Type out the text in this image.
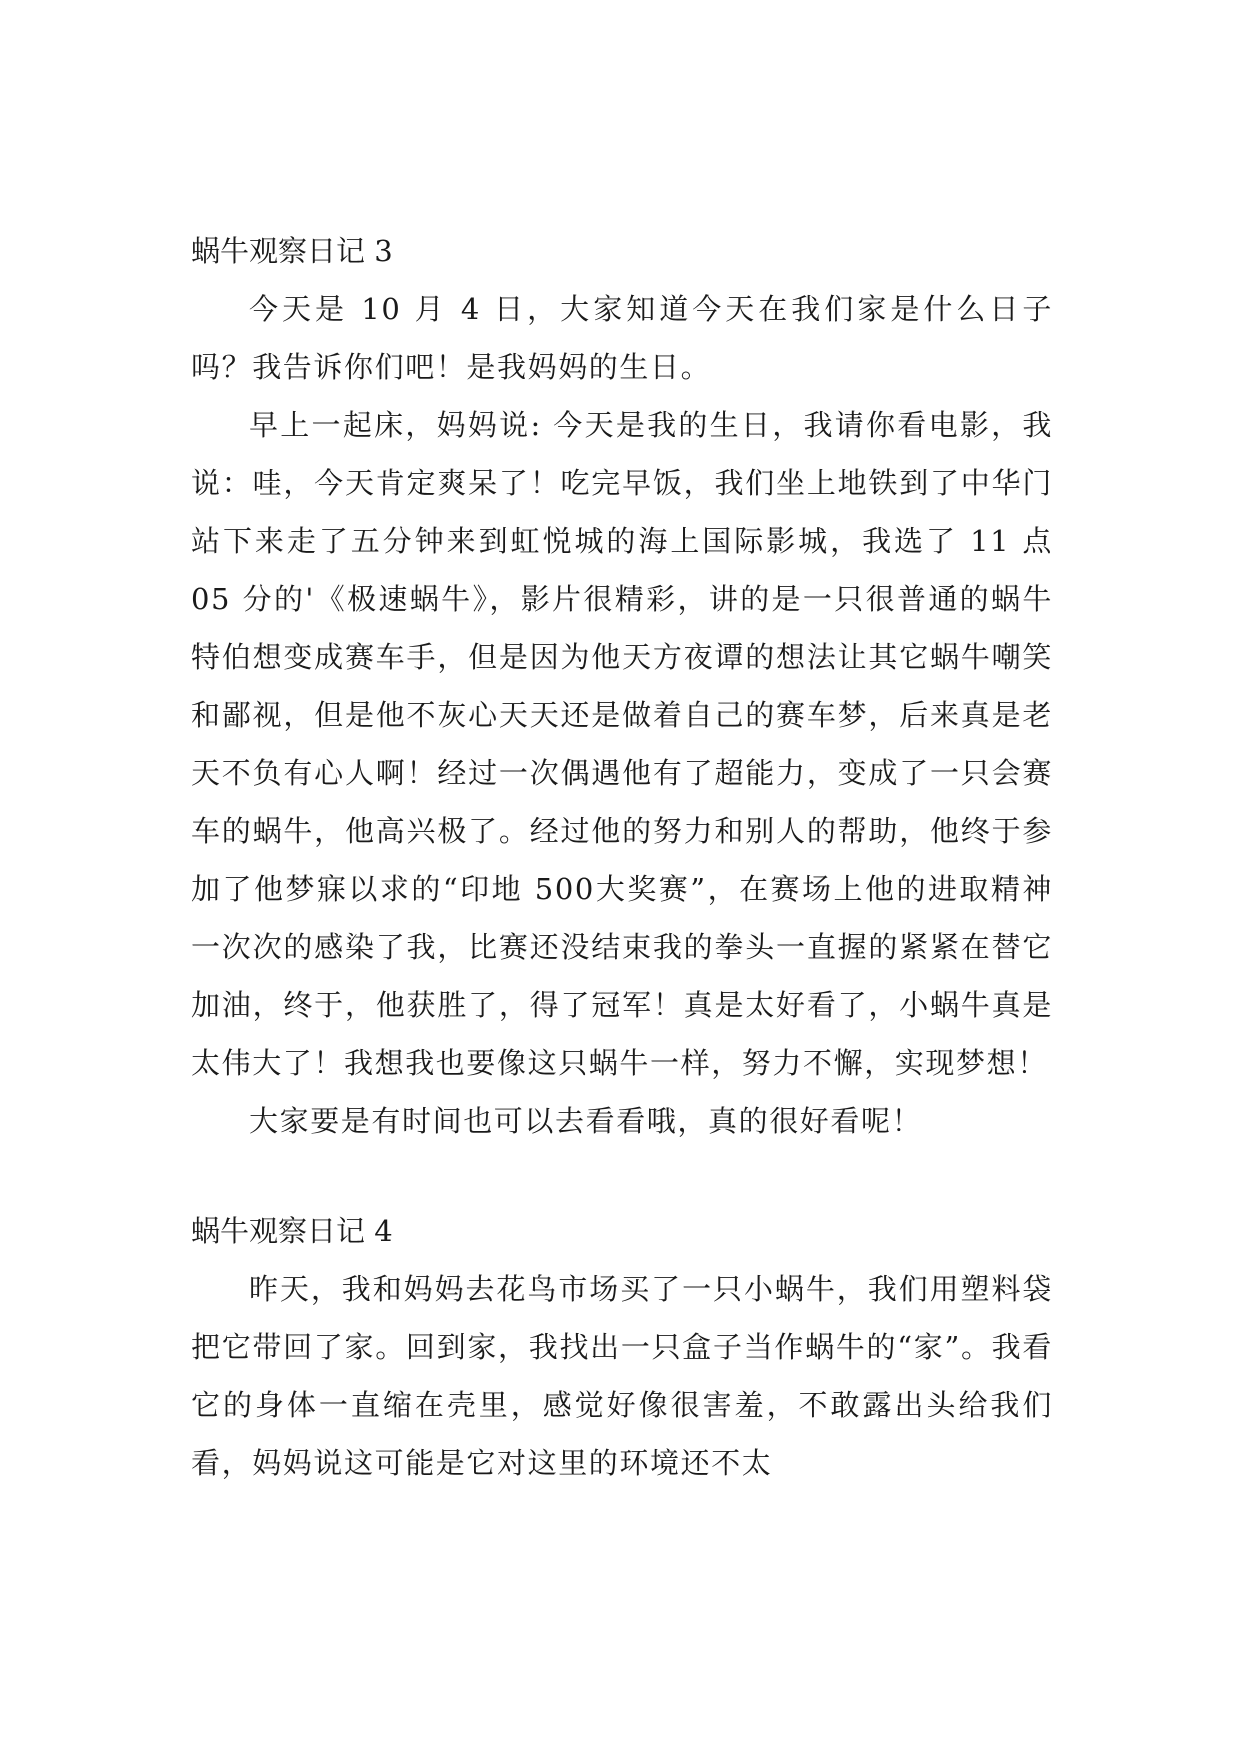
蜗牛观察日记 3

今天是 10 月 4 日，大家知道今天在我们家是什么日子吗？我告诉你们吧！是我妈妈的生日。

早上一起床，妈妈说: 今天是我的生日，我请你看电影，我说：哇，今天肯定爽呆了！吃完早饭，我们坐上地铁到了中华门站下来走了五分钟来到虹悦城的海上国际影城，我选了 11 点 05 分的'《极速蜗牛》，影片很精彩，讲的是一只很普通的蜗牛特伯想变成赛车手，但是因为他天方夜谭的想法让其它蜗牛嘲笑和鄙视，但是他不灰心天天还是做着自己的赛车梦，后来真是老天不负有心人啊！经过一次偶遇他有了超能力，变成了一只会赛车的蜗牛，他高兴极了。经过他的努力和别人的帮助，他终于参加了他梦寐以求的“印地 500大奖赛”，在赛场上他的进取精神一次次的感染了我，比赛还没结束我的拳头一直握的紧紧在替它加油，终于，他获胜了，得了冠军！真是太好看了，小蜗牛真是太伟大了！我想我也要像这只蜗牛一样，努力不懈，实现梦想！

大家要是有时间也可以去看看哦，真的很好看呢！

蜗牛观察日记 4

昨天，我和妈妈去花鸟市场买了一只小蜗牛，我们用塑料袋把它带回了家。回到家，我找出一只盒子当作蜗牛的“家”。我看它的身体一直缩在壳里，感觉好像很害羞，不敢露出头给我们看，妈妈说这可能是它对这里的环境还不太
